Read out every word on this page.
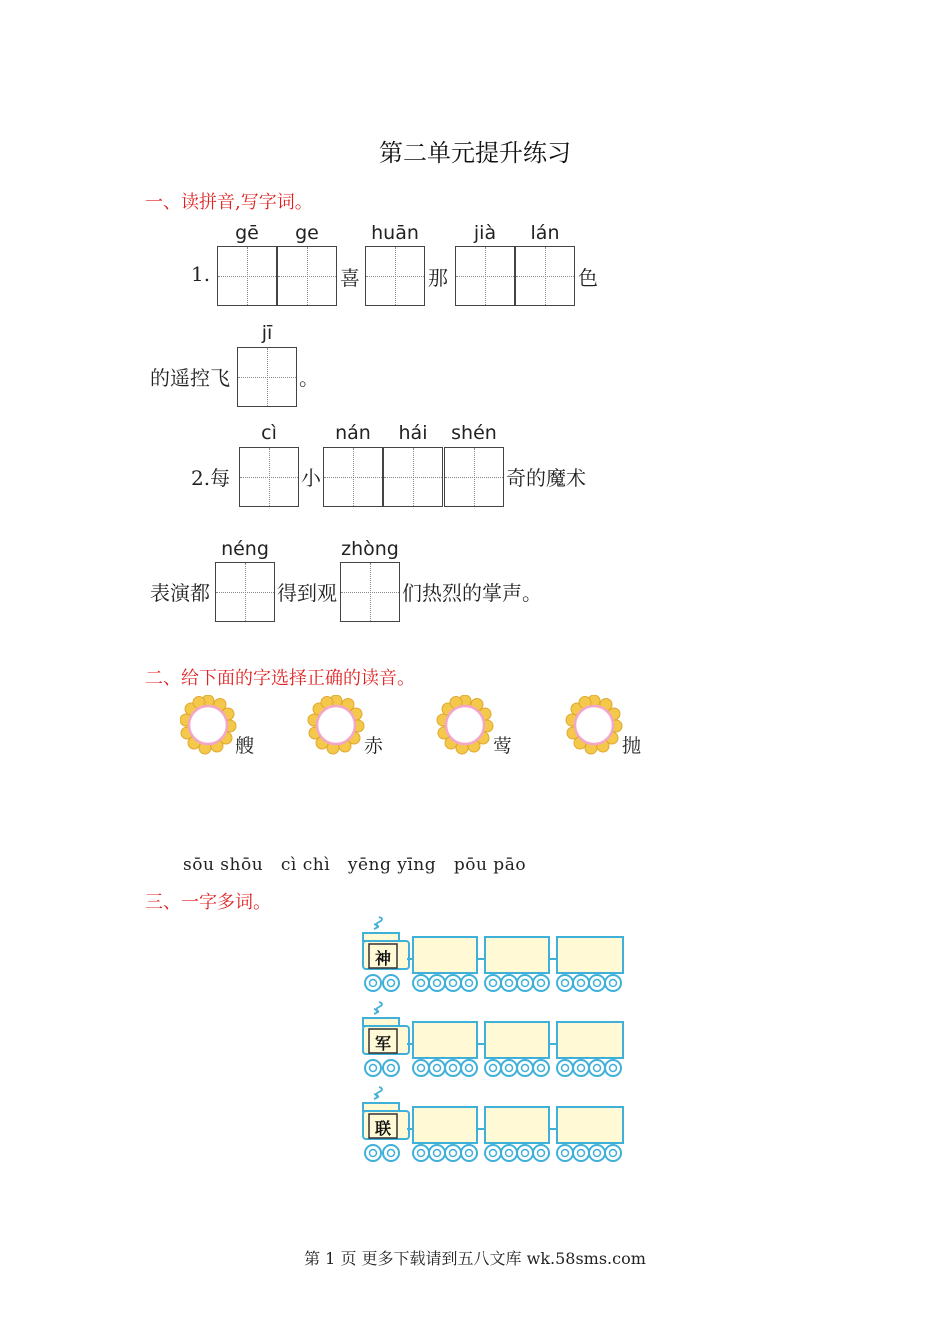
第二单元提升练习
一、读拼音,写字词。
gē	ge	huān	jià	lán
1.	喜	那	色
jī
的遥控飞	。
cì	nán	hái	shén
2.每	小	奇的魔术
néng	zhòng
表演都	得到观	们热烈的掌声。
二、给下面的字选择正确的读音。
艘	赤	莺	抛
sōu shōu   cì chì   yēng yīng   pōu pāo
三、一字多词。
神
军
联
第 1 页 更多下载请到五八文库 wk.58sms.com
